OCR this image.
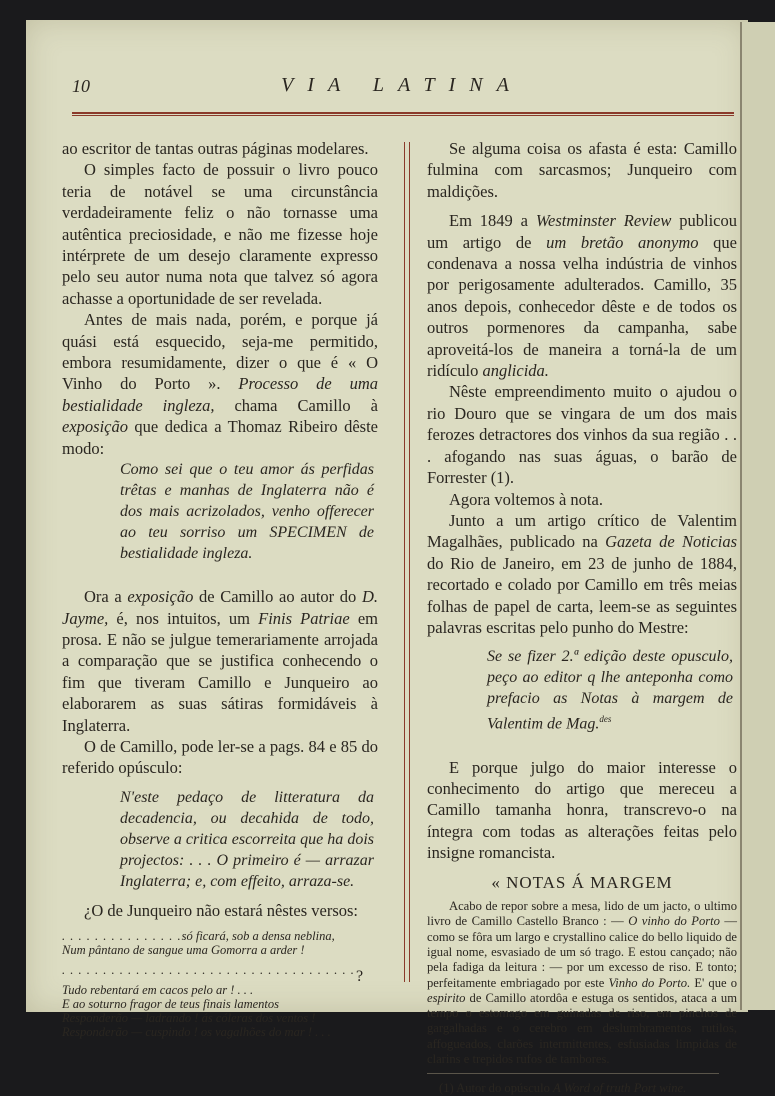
10	VIA LATINA

ao escritor de tantas outras páginas modelares.

O simples facto de possuir o livro pouco teria de notável se uma circunstância verdadeiramente feliz o não tornasse uma autêntica preciosidade, e não me fizesse hoje intérprete de um desejo claramente expresso pelo seu autor numa nota que talvez só agora achasse a oportunidade de ser revelada.

Antes de mais nada, porém, e porque já quási está esquecido, seja-me permitido, embora resumidamente, dizer o que é « O Vinho do Porto ». Processo de uma bestialidade ingleza, chama Camillo à exposição que dedica a Thomaz Ribeiro dêste modo:

Como sei que o teu amor ás perfidas trêtas e manhas de Inglaterra não é dos mais acrizolados, venho offerecer ao teu sorriso um SPECIMEN de bestialidade ingleza.

Ora a exposição de Camillo ao autor do D. Jayme, é, nos intuitos, um Finis Patriae em prosa. E não se julgue temerariamente arrojada a comparação que se justifica conhecendo o fim que tiveram Camillo e Junqueiro ao elaborarem as suas sátiras formidáveis à Inglaterra.

O de Camillo, pode ler-se a pags. 84 e 85 do referido opúsculo:

N'este pedaço de litteratura da decadencia, ou decahida de todo, observe a critica escorreita que ha dois projectos: . . . O primeiro é — arrazar Inglaterra; e, com effeito, arraza-se.

¿O de Junqueiro não estará nêstes versos:

. . . . . . . . . . . . . . .só ficará, sob a densa neblina,

Num pântano de sangue uma Gomorra a arder !

. . . . . . . . . . . . . . . . . . . . . . . . . . . . . . . . . . . .

Tudo rebentará em cacos pelo ar ! . . .

E ao soturno fragor de teus finais lamentos

Responderão — ladrando ! ás cóleras dos ventos !

Responderão — cuspindo ! os vagalhões do mar ! . . .

?

Se alguma coisa os afasta é esta: Camillo fulmina com sarcasmos; Junqueiro com maldições.

Em 1849 a Westminster Review publicou um artigo de um bretão anonymo que condenava a nossa velha indústria de vinhos por perigosamente adulterados. Camillo, 35 anos depois, conhecedor dêste e de todos os outros pormenores da campanha, sabe aproveitá-los de maneira a torná-la de um ridículo anglicida.

Nêste empreendimento muito o ajudou o rio Douro que se vingara de um dos mais ferozes detractores dos vinhos da sua região . . . afogando nas suas águas, o barão de Forrester (1).

Agora voltemos à nota.

Junto a um artigo crítico de Valentim Magalhães, publicado na Gazeta de Noticias do Rio de Janeiro, em 23 de junho de 1884, recortado e colado por Camillo em três meias folhas de papel de carta, leem-se as seguintes palavras escritas pelo punho do Mestre:

Se se fizer 2.ª edição deste opusculo, peço ao editor q lhe anteponha como prefacio as Notas à margem de Valentim de Mag.$^{des}$

E porque julgo do maior interesse o conhecimento do artigo que mereceu a Camillo tamanha honra, transcrevo-o na íntegra com todas as alterações feitas pelo insigne romancista.

« NOTAS Á MARGEM

Acabo de repor sobre a mesa, lido de um jacto, o ultimo livro de Camillo Castello Branco : — O vinho do Porto — como se fôra um largo e crystallino calice do bello liquido de igual nome, esvasiado de um só trago. E estou cançado; não pela fadiga da leitura : — por um excesso de riso. E tonto; perfeitamente embriagado por este Vinho do Porto. E' que o espirito de Camillo atordôa e estuga os sentidos, ataca a um tempo o estomago em guinadas de riso, em pinchos de gargalhadas e o cerebro em deslumbramentos rutilos, affogueados, clarões intermittentes, esfusiadas limpidas de clarins e trepidos rufos de tambores.

(1) Autor do opúsculo A Word of truth Port wine.
